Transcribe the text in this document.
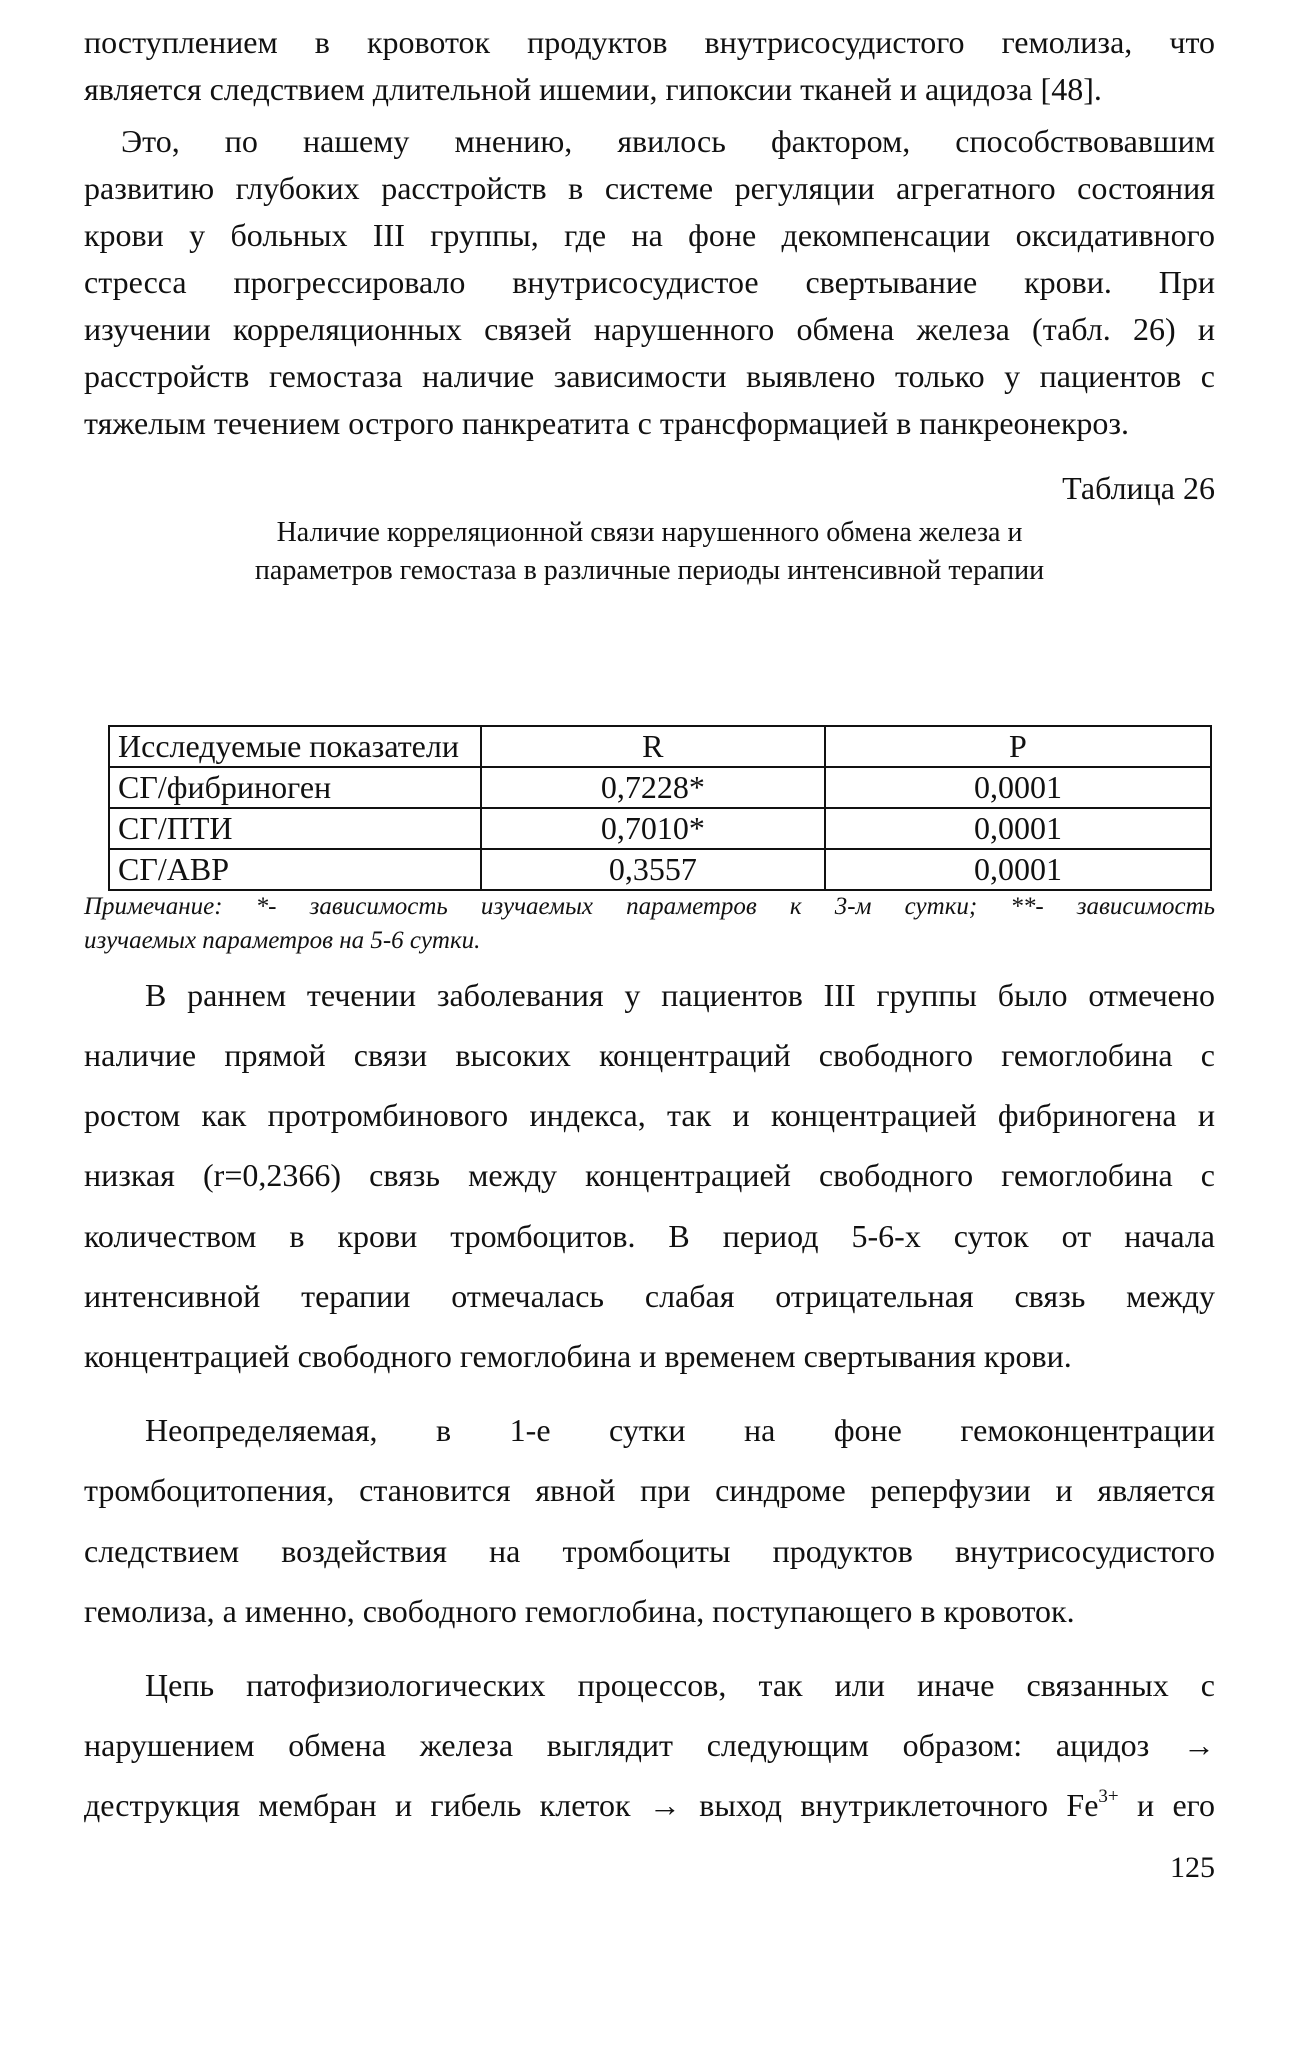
поступлением в кровоток продуктов внутрисосудистого гемолиза, что
является следствием длительной ишемии, гипоксии тканей и ацидоза [48].
Это, по нашему мнению, явилось фактором, способствовавшим
развитию глубоких расстройств в системе регуляции агрегатного состояния
крови у больных III группы, где на фоне декомпенсации оксидативного
стресса прогрессировало внутрисосудистое свертывание крови. При
изучении корреляционных связей нарушенного обмена железа (табл. 26) и
расстройств гемостаза наличие зависимости выявлено только у пациентов с
тяжелым течением острого панкреатита с трансформацией в панкреонекроз.
Таблица 26
Наличие корреляционной связи нарушенного обмена железа и
параметров гемостаза в различные периоды интенсивной терапии
Исследуемые показатели	R	P
СГ/фибриноген	0,7228*	0,0001
СГ/ПТИ	0,7010*	0,0001
СГ/АВР	0,3557	0,0001
Примечание: *- зависимость изучаемых параметров к 3-м сутки; **- зависимость
изучаемых параметров на 5-6 сутки.
В раннем течении заболевания у пациентов III группы было отмечено
наличие прямой связи высоких концентраций свободного гемоглобина с
ростом как протромбинового индекса, так и концентрацией фибриногена и
низкая (r=0,2366) связь между концентрацией свободного гемоглобина с
количеством в крови тромбоцитов. В период 5-6-х суток от начала
интенсивной терапии отмечалась слабая отрицательная связь между
концентрацией свободного гемоглобина и временем свертывания крови.
Неопределяемая, в 1-е сутки на фоне гемоконцентрации
тромбоцитопения, становится явной при синдроме реперфузии и является
следствием воздействия на тромбоциты продуктов внутрисосудистого
гемолиза, а именно, свободного гемоглобина, поступающего в кровоток.
Цепь патофизиологических процессов, так или иначе связанных с
нарушением обмена железа выглядит следующим образом: ацидоз →
деструкция мембран и гибель клеток → выход внутриклеточного $Fe^{3+}$ и его
125
